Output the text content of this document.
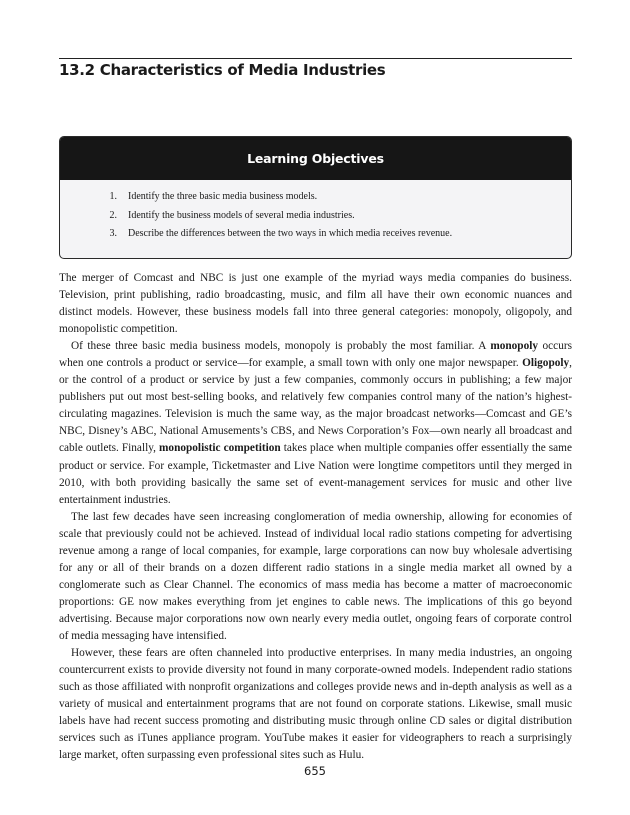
13.2 Characteristics of Media Industries
Learning Objectives
1. Identify the three basic media business models.
2. Identify the business models of several media industries.
3. Describe the differences between the two ways in which media receives revenue.

The merger of Comcast and NBC is just one example of the myriad ways media companies do business. Television, print publishing, radio broadcasting, music, and film all have their own economic nuances and distinct models. However, these business models fall into three general categories: monopoly, oligopoly, and monopolistic competition.

Of these three basic media business models, monopoly is probably the most familiar. A monopoly occurs when one controls a product or service—for example, a small town with only one major newspaper. Oligopoly, or the control of a product or service by just a few companies, commonly occurs in publishing; a few major publishers put out most best-selling books, and relatively few companies control many of the nation’s highest-circulating magazines. Television is much the same way, as the major broadcast networks—Comcast and GE’s NBC, Disney’s ABC, National Amusements’s CBS, and News Corporation’s Fox—own nearly all broadcast and cable outlets. Finally, monopolistic competition takes place when multiple companies offer essentially the same product or service. For example, Ticketmaster and Live Nation were longtime competitors until they merged in 2010, with both providing basically the same set of event-management services for music and other live entertainment industries.

The last few decades have seen increasing conglomeration of media ownership, allowing for economies of scale that previously could not be achieved. Instead of individual local radio stations competing for advertising revenue among a range of local companies, for example, large corporations can now buy wholesale advertising for any or all of their brands on a dozen different radio stations in a single media market all owned by a conglomerate such as Clear Channel. The economics of mass media has become a matter of macroeconomic proportions: GE now makes everything from jet engines to cable news. The implications of this go beyond advertising. Because major corporations now own nearly every media outlet, ongoing fears of corporate control of media messaging have intensified.

However, these fears are often channeled into productive enterprises. In many media industries, an ongoing countercurrent exists to provide diversity not found in many corporate-owned models. Independent radio stations such as those affiliated with nonprofit organizations and colleges provide news and in-depth analysis as well as a variety of musical and entertainment programs that are not found on corporate stations. Likewise, small music labels have had recent success promoting and distributing music through online CD sales or digital distribution services such as iTunes appliance program. YouTube makes it easier for videographers to reach a surprisingly large market, often surpassing even professional sites such as Hulu.

655
